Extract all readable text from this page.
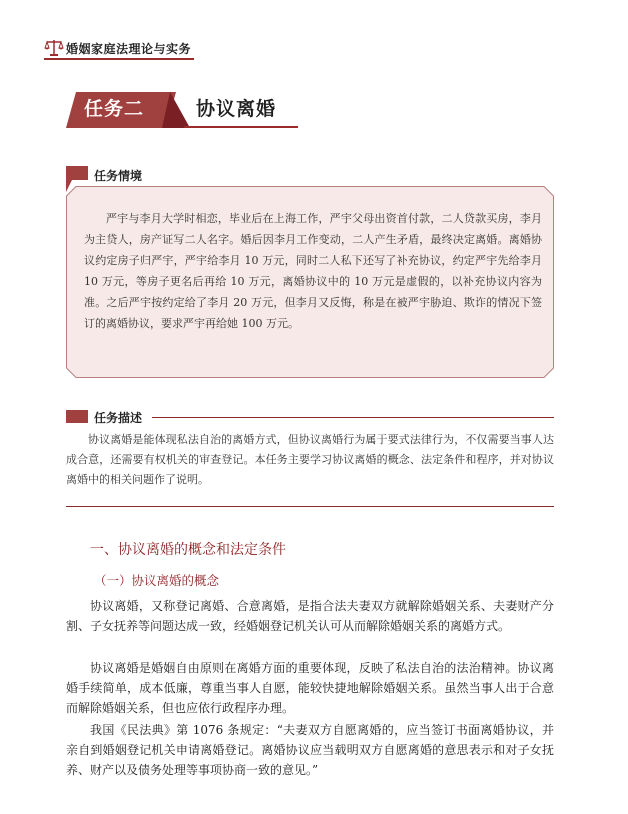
婚姻家庭法理论与实务
任务二	协议离婚
任务情境

严宇与李月大学时相恋，毕业后在上海工作，严宇父母出资首付款，二人贷款买房，李月为主贷人，房产证写二人名字。婚后因李月工作变动，二人产生矛盾，最终决定离婚。离婚协议约定房子归严宇，严宇给李月 10 万元，同时二人私下还写了补充协议，约定严宇先给李月 10 万元，等房子更名后再给 10 万元，离婚协议中的 10 万元是虚假的，以补充协议内容为准。之后严宇按约定给了李月 20 万元，但李月又反悔，称是在被严宇胁迫、欺诈的情况下签订的离婚协议，要求严宇再给她 100 万元。

任务描述

协议离婚是能体现私法自治的离婚方式，但协议离婚行为属于要式法律行为，不仅需要当事人达成合意，还需要有权机关的审查登记。本任务主要学习协议离婚的概念、法定条件和程序，并对协议离婚中的相关问题作了说明。

一、协议离婚的概念和法定条件
（一）协议离婚的概念

协议离婚，又称登记离婚、合意离婚，是指合法夫妻双方就解除婚姻关系、夫妻财产分割、子女抚养等问题达成一致，经婚姻登记机关认可从而解除婚姻关系的离婚方式。

协议离婚是婚姻自由原则在离婚方面的重要体现，反映了私法自治的法治精神。协议离婚手续简单，成本低廉，尊重当事人自愿，能较快捷地解除婚姻关系。虽然当事人出于合意而解除婚姻关系，但也应依行政程序办理。

我国《民法典》第 1076 条规定：“夫妻双方自愿离婚的，应当签订书面离婚协议，并亲自到婚姻登记机关申请离婚登记。离婚协议应当载明双方自愿离婚的意思表示和对子女抚养、财产以及债务处理等事项协商一致的意见。”
